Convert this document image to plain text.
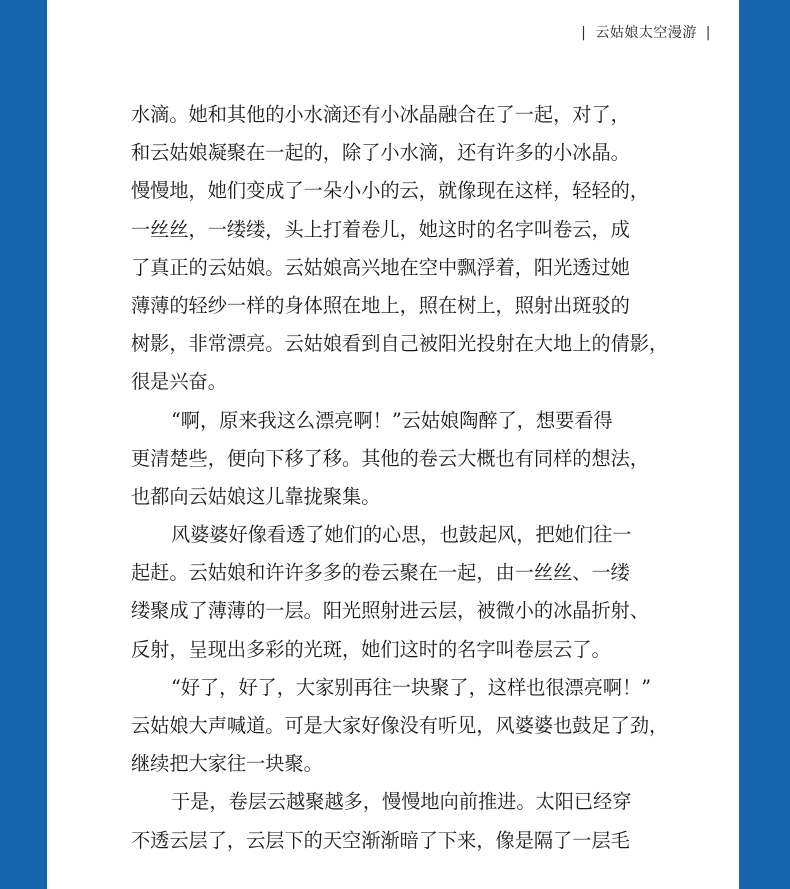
| 云姑娘太空漫游 |
水滴。她和其他的小水滴还有小冰晶融合在了一起，对了，
和云姑娘凝聚在一起的，除了小水滴，还有许多的小冰晶。
慢慢地，她们变成了一朵小小的云，就像现在这样，轻轻的，
一丝丝，一缕缕，头上打着卷儿，她这时的名字叫卷云，成
了真正的云姑娘。云姑娘高兴地在空中飘浮着，阳光透过她
薄薄的轻纱一样的身体照在地上，照在树上，照射出斑驳的
树影，非常漂亮。云姑娘看到自己被阳光投射在大地上的倩影，
很是兴奋。
“啊，原来我这么漂亮啊！”云姑娘陶醉了，想要看得
更清楚些，便向下移了移。其他的卷云大概也有同样的想法，
也都向云姑娘这儿靠拢聚集。
风婆婆好像看透了她们的心思，也鼓起风，把她们往一
起赶。云姑娘和许许多多的卷云聚在一起，由一丝丝、一缕
缕聚成了薄薄的一层。阳光照射进云层，被微小的冰晶折射、
反射，呈现出多彩的光斑，她们这时的名字叫卷层云了。
“好了，好了，大家别再往一块聚了，这样也很漂亮啊！”
云姑娘大声喊道。可是大家好像没有听见，风婆婆也鼓足了劲，
继续把大家往一块聚。
于是，卷层云越聚越多，慢慢地向前推进。太阳已经穿
不透云层了，云层下的天空渐渐暗了下来，像是隔了一层毛
